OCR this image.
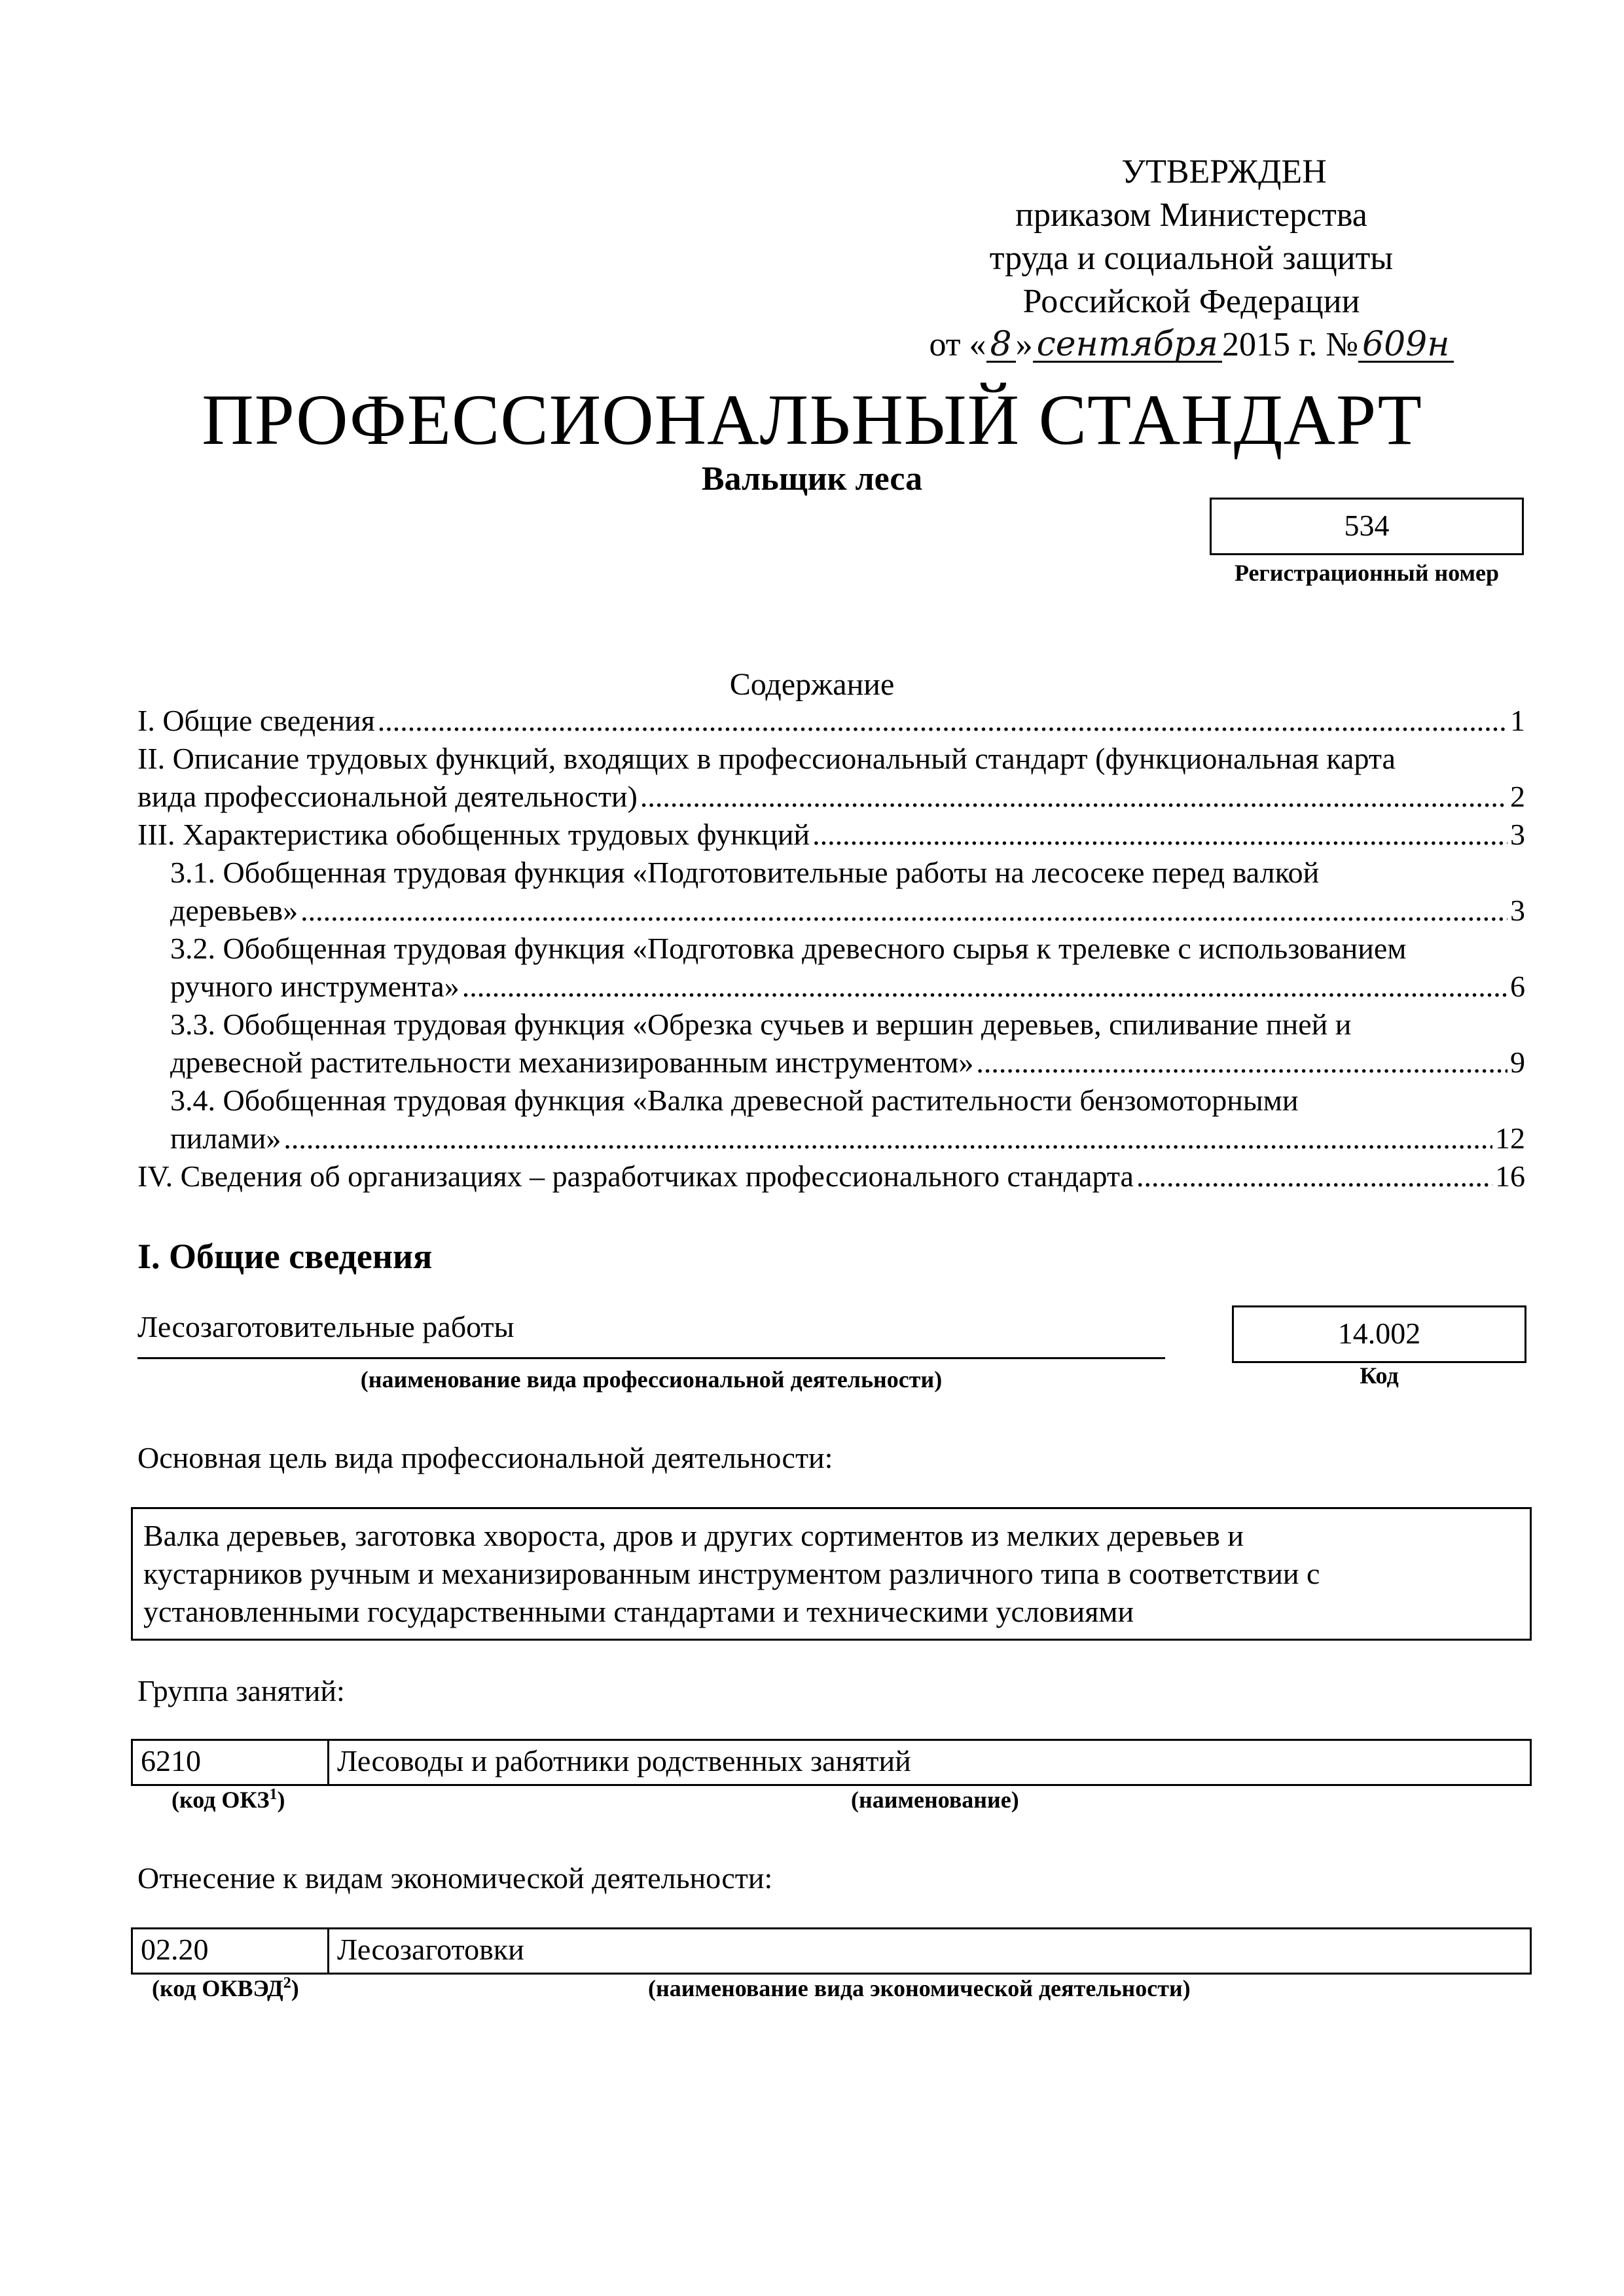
УТВЕРЖДЕН
приказом Министерства
труда и социальной защиты
Российской Федерации
от « 8 » сентября 2015 г. № 609н
ПРОФЕССИОНАЛЬНЫЙ СТАНДАРТ
Вальщик леса
534
Регистрационный номер
Содержание
I. Общие сведения .....	1
II. Описание трудовых функций, входящих в профессиональный стандарт (функциональная карта
вида профессиональной деятельности) .....	2
III. Характеристика обобщенных трудовых функций .....	3
3.1. Обобщенная трудовая функция «Подготовительные работы на лесосеке перед валкой
деревьев» .....	3
3.2. Обобщенная трудовая функция «Подготовка древесного сырья к трелевке с использованием
ручного инструмента» .....	6
3.3. Обобщенная трудовая функция «Обрезка сучьев и вершин деревьев, спиливание пней и
древесной растительности механизированным инструментом» .....	9
3.4. Обобщенная трудовая функция «Валка древесной растительности бензомоторными
пилами» .....	12
IV. Сведения об организациях – разработчиках профессионального стандарта .....	16
I. Общие сведения
Лесозаготовительные работы
(наименование вида профессиональной деятельности)
14.002
Код
Основная цель вида профессиональной деятельности:
Валка деревьев, заготовка хвороста, дров и других сортиментов из мелких деревьев и
кустарников ручным и механизированным инструментом различного типа в соответствии с
установленными государственными стандартами и техническими условиями
Группа занятий:
6210	Лесоводы и работники родственных занятий
(код ОКЗ$^1$)	(наименование)
Отнесение к видам экономической деятельности:
02.20	Лесозаготовки
(код ОКВЭД$^2$)	(наименование вида экономической деятельности)
